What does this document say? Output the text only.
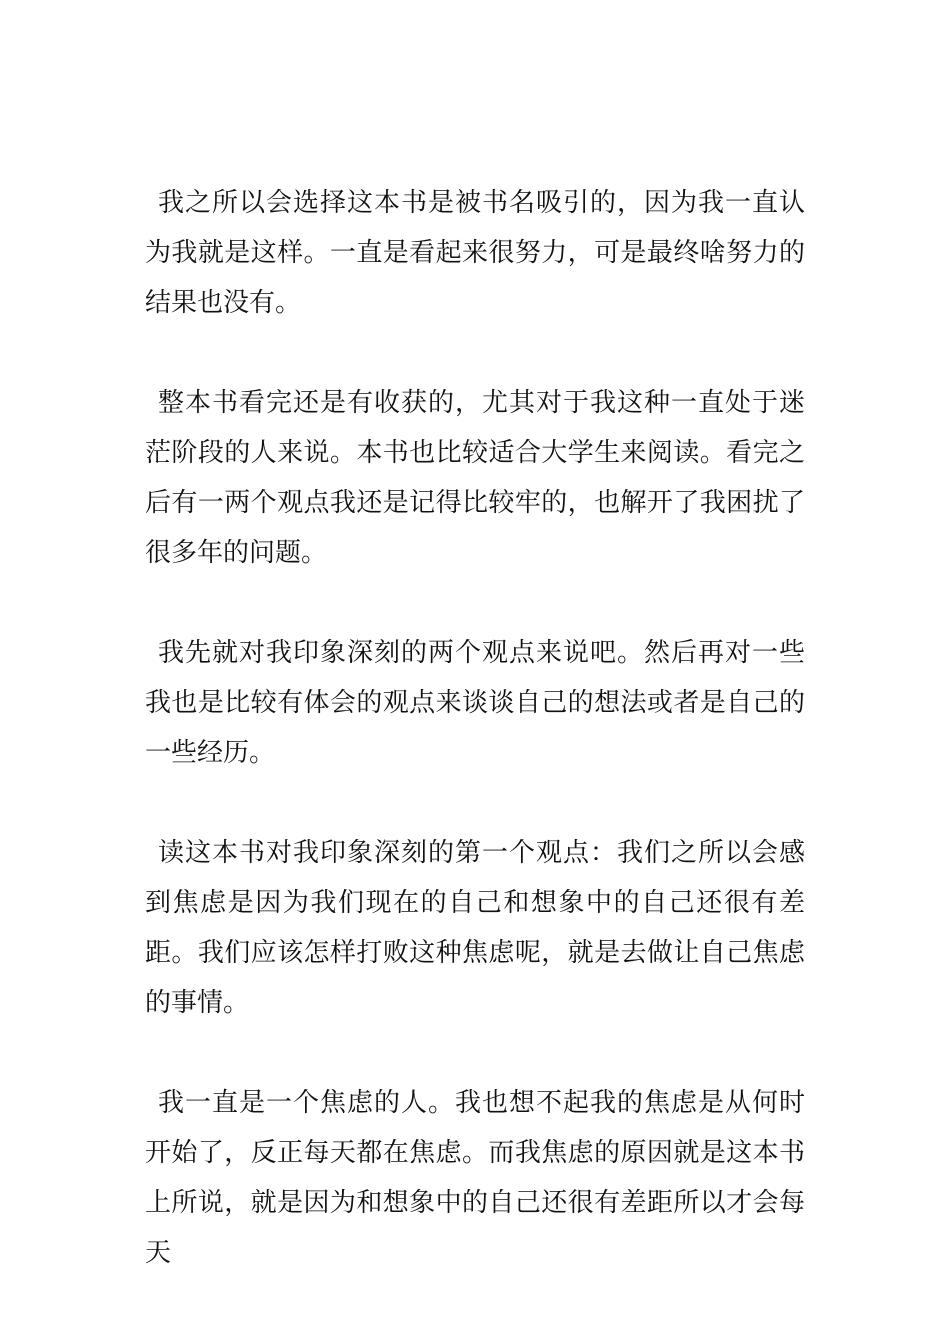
我之所以会选择这本书是被书名吸引的，因为我一直认为我就是这样。一直是看起来很努力，可是最终啥努力的结果也没有。

整本书看完还是有收获的，尤其对于我这种一直处于迷茫阶段的人来说。本书也比较适合大学生来阅读。看完之后有一两个观点我还是记得比较牢的，也解开了我困扰了很多年的问题。

我先就对我印象深刻的两个观点来说吧。然后再对一些我也是比较有体会的观点来谈谈自己的想法或者是自己的一些经历。

读这本书对我印象深刻的第一个观点：我们之所以会感到焦虑是因为我们现在的自己和想象中的自己还很有差距。我们应该怎样打败这种焦虑呢，就是去做让自己焦虑的事情。

我一直是一个焦虑的人。我也想不起我的焦虑是从何时开始了，反正每天都在焦虑。而我焦虑的原因就是这本书上所说，就是因为和想象中的自己还很有差距所以才会每天
